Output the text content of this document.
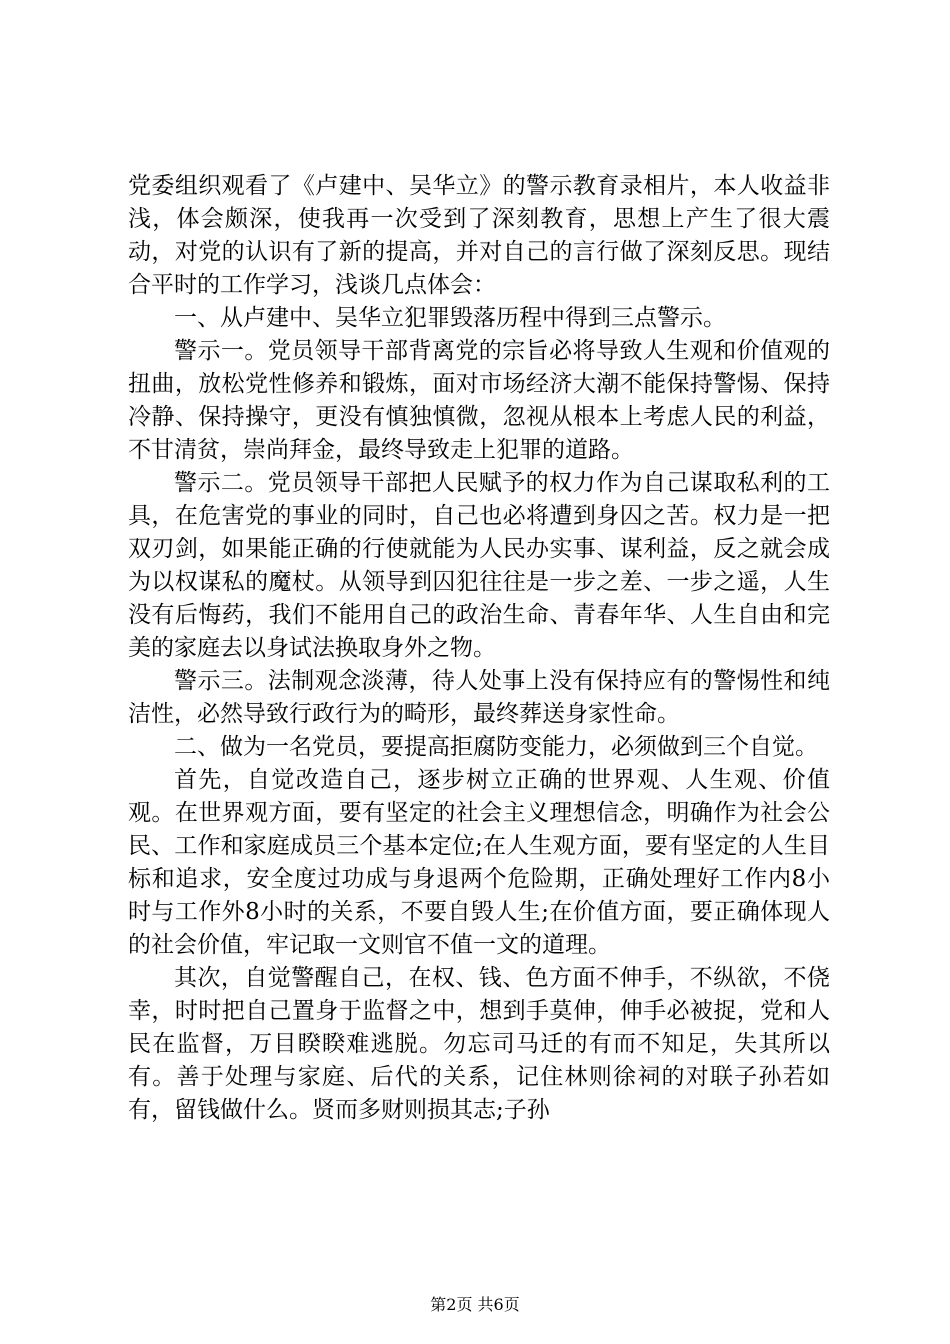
党委组织观看了《卢建中、吴华立》的警示教育录相片，本人收益非浅，体会颇深，使我再一次受到了深刻教育，思想上产生了很大震动，对党的认识有了新的提高，并对自己的言行做了深刻反思。现结合平时的工作学习，浅谈几点体会：

一、从卢建中、吴华立犯罪毁落历程中得到三点警示。

警示一。党员领导干部背离党的宗旨必将导致人生观和价值观的扭曲，放松党性修养和锻炼，面对市场经济大潮不能保持警惕、保持冷静、保持操守，更没有慎独慎微，忽视从根本上考虑人民的利益，不甘清贫，崇尚拜金，最终导致走上犯罪的道路。

警示二。党员领导干部把人民赋予的权力作为自己谋取私利的工具，在危害党的事业的同时，自己也必将遭到身囚之苦。权力是一把双刃剑，如果能正确的行使就能为人民办实事、谋利益，反之就会成为以权谋私的魔杖。从领导到囚犯往往是一步之差、一步之遥，人生没有后悔药，我们不能用自己的政治生命、青春年华、人生自由和完美的家庭去以身试法换取身外之物。

警示三。法制观念淡薄，待人处事上没有保持应有的警惕性和纯洁性，必然导致行政行为的畸形，最终葬送身家性命。

二、做为一名党员，要提高拒腐防变能力，必须做到三个自觉。

首先，自觉改造自己，逐步树立正确的世界观、人生观、价值观。在世界观方面，要有坚定的社会主义理想信念，明确作为社会公民、工作和家庭成员三个基本定位;在人生观方面，要有坚定的人生目标和追求，安全度过功成与身退两个危险期，正确处理好工作内8小时与工作外8小时的关系，不要自毁人生;在价值方面，要正确体现人的社会价值，牢记取一文则官不值一文的道理。

其次，自觉警醒自己，在权、钱、色方面不伸手，不纵欲，不侥幸，时时把自己置身于监督之中，想到手莫伸，伸手必被捉，党和人民在监督，万目睽睽难逃脱。勿忘司马迁的有而不知足，失其所以有。善于处理与家庭、后代的关系，记住林则徐祠的对联子孙若如有，留钱做什么。贤而多财则损其志;子孙

第2页 共6页
